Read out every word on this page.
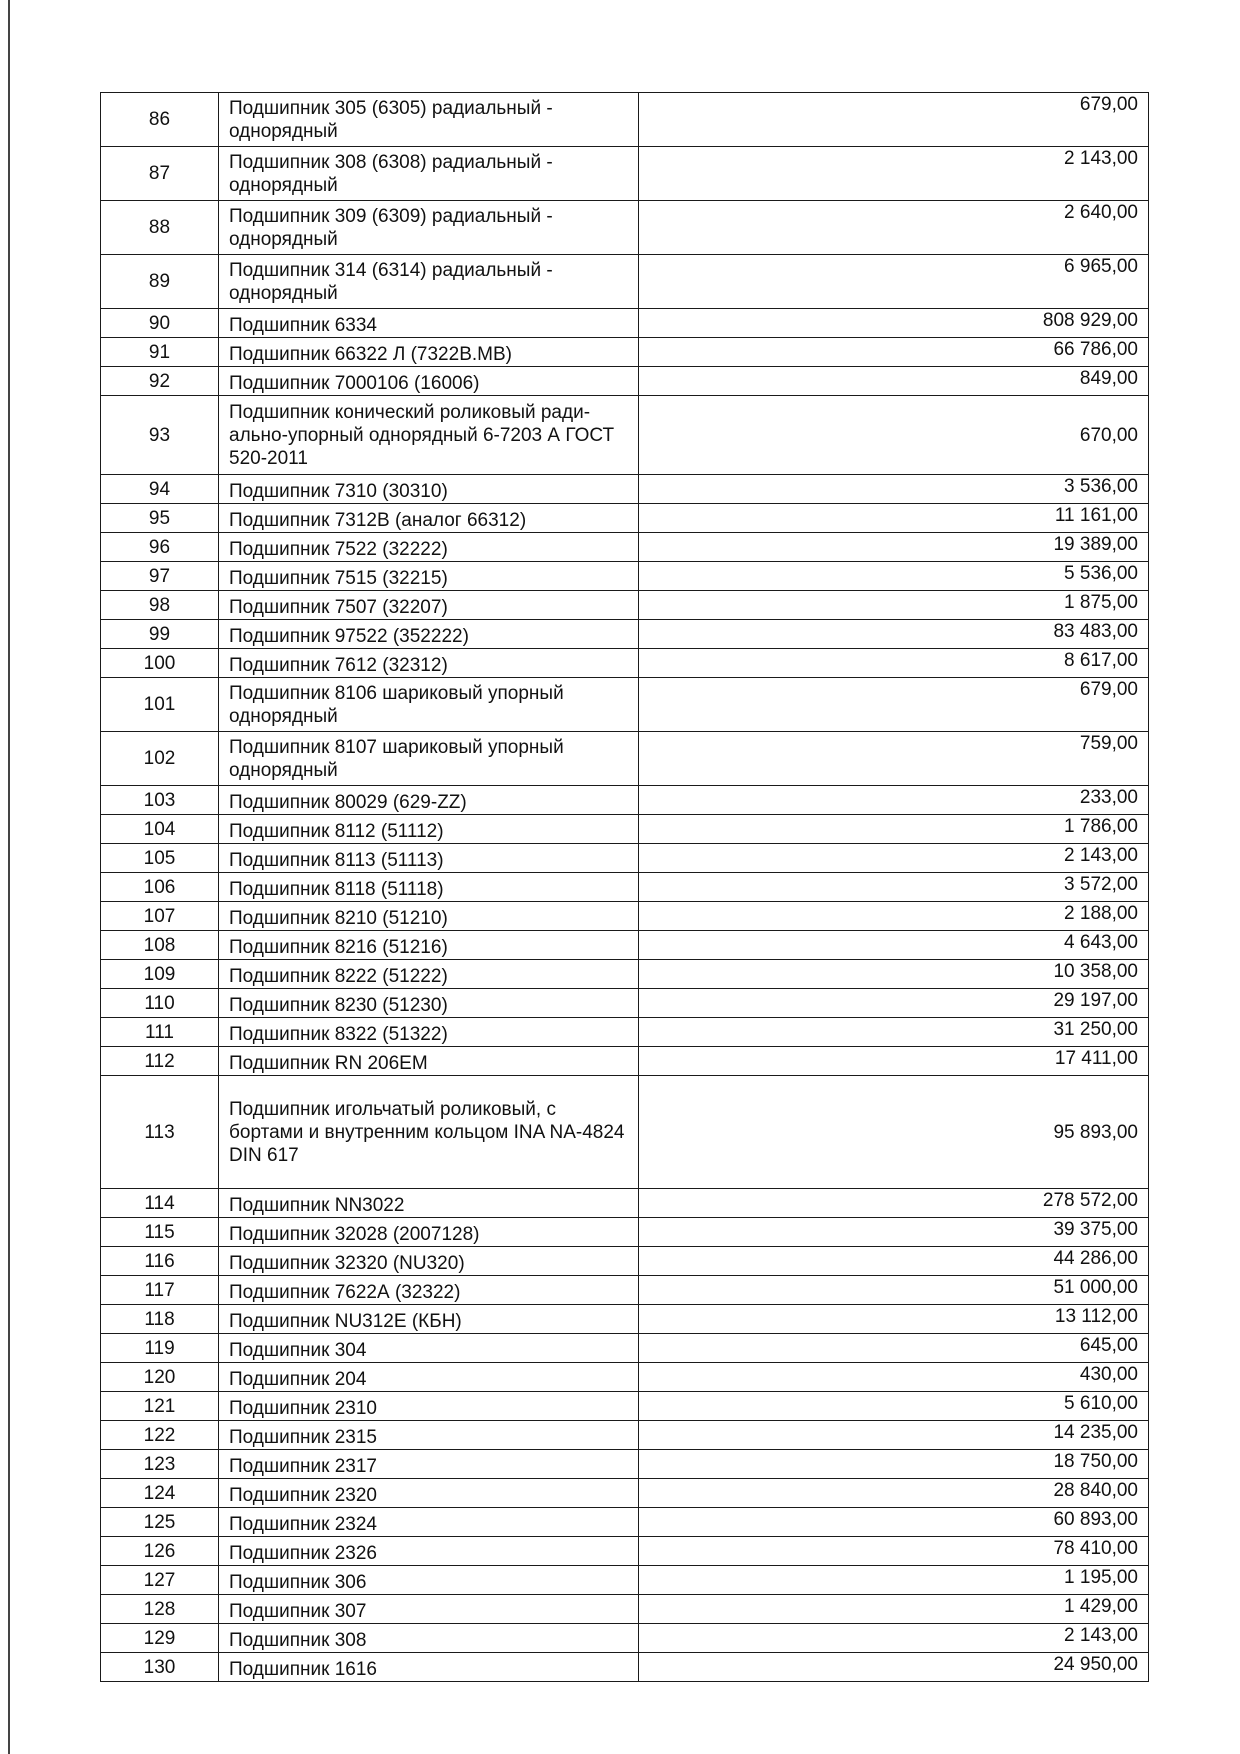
86	Подшипник 305 (6305) радиальный - однорядный	679,00
87	Подшипник 308 (6308) радиальный - однорядный	2 143,00
88	Подшипник 309 (6309) радиальный - однорядный	2 640,00
89	Подшипник 314 (6314) радиальный - однорядный	6 965,00
90	Подшипник 6334	808 929,00
91	Подшипник 66322 Л (7322В.МВ)	66 786,00
92	Подшипник 7000106 (16006)	849,00
93	Подшипник конический роликовый ради-ально-упорный однорядный 6-7203 А ГОСТ 520-2011	670,00
94	Подшипник 7310 (30310)	3 536,00
95	Подшипник 7312В (аналог 66312)	11 161,00
96	Подшипник 7522 (32222)	19 389,00
97	Подшипник 7515 (32215)	5 536,00
98	Подшипник 7507 (32207)	1 875,00
99	Подшипник 97522 (352222)	83 483,00
100	Подшипник 7612 (32312)	8 617,00
101	Подшипник 8106 шариковый упорный однорядный	679,00
102	Подшипник 8107 шариковый упорный однорядный	759,00
103	Подшипник 80029 (629-ZZ)	233,00
104	Подшипник 8112 (51112)	1 786,00
105	Подшипник 8113 (51113)	2 143,00
106	Подшипник 8118 (51118)	3 572,00
107	Подшипник 8210 (51210)	2 188,00
108	Подшипник 8216 (51216)	4 643,00
109	Подшипник 8222 (51222)	10 358,00
110	Подшипник 8230 (51230)	29 197,00
111	Подшипник 8322 (51322)	31 250,00
112	Подшипник RN 206ЕМ	17 411,00
113	Подшипник игольчатый роликовый, с бортами и внутренним кольцом INA NA-4824 DIN 617	95 893,00
114	Подшипник NN3022	278 572,00
115	Подшипник 32028 (2007128)	39 375,00
116	Подшипник 32320 (NU320)	44 286,00
117	Подшипник 7622А (32322)	51 000,00
118	Подшипник NU312E (КБН)	13 112,00
119	Подшипник 304	645,00
120	Подшипник 204	430,00
121	Подшипник 2310	5 610,00
122	Подшипник 2315	14 235,00
123	Подшипник 2317	18 750,00
124	Подшипник 2320	28 840,00
125	Подшипник 2324	60 893,00
126	Подшипник 2326	78 410,00
127	Подшипник 306	1 195,00
128	Подшипник 307	1 429,00
129	Подшипник 308	2 143,00
130	Подшипник 1616	24 950,00
